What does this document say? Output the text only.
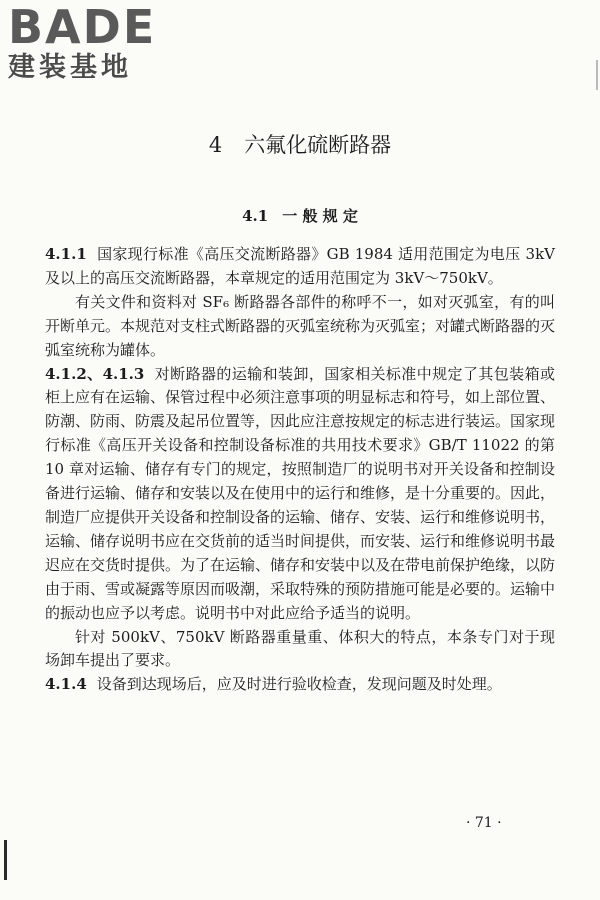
BADE
建装基地
4 六氟化硫断路器
4.1 一 般 规 定

4.1.1 国家现行标准《高压交流断路器》GB 1984 适用范围定为电压 3kV 及以上的高压交流断路器，本章规定的适用范围定为 3kV～750kV。

有关文件和资料对 SF₆ 断路器各部件的称呼不一，如对灭弧室，有的叫开断单元。本规范对支柱式断路器的灭弧室统称为灭弧室；对罐式断路器的灭弧室统称为罐体。

4.1.2、4.1.3 对断路器的运输和装卸，国家相关标准中规定了其包装箱或柜上应有在运输、保管过程中必须注意事项的明显标志和符号，如上部位置、防潮、防雨、防震及起吊位置等，因此应注意按规定的标志进行装运。国家现行标准《高压开关设备和控制设备标准的共用技术要求》GB/T 11022 的第 10 章对运输、储存有专门的规定，按照制造厂的说明书对开关设备和控制设备进行运输、储存和安装以及在使用中的运行和维修，是十分重要的。因此，制造厂应提供开关设备和控制设备的运输、储存、安装、运行和维修说明书，运输、储存说明书应在交货前的适当时间提供，而安装、运行和维修说明书最迟应在交货时提供。为了在运输、储存和安装中以及在带电前保护绝缘，以防由于雨、雪或凝露等原因而吸潮，采取特殊的预防措施可能是必要的。运输中的振动也应予以考虑。说明书中对此应给予适当的说明。

针对 500kV、750kV 断路器重量重、体积大的特点，本条专门对于现场卸车提出了要求。

4.1.4 设备到达现场后，应及时进行验收检查，发现问题及时处理。

· 71 ·
